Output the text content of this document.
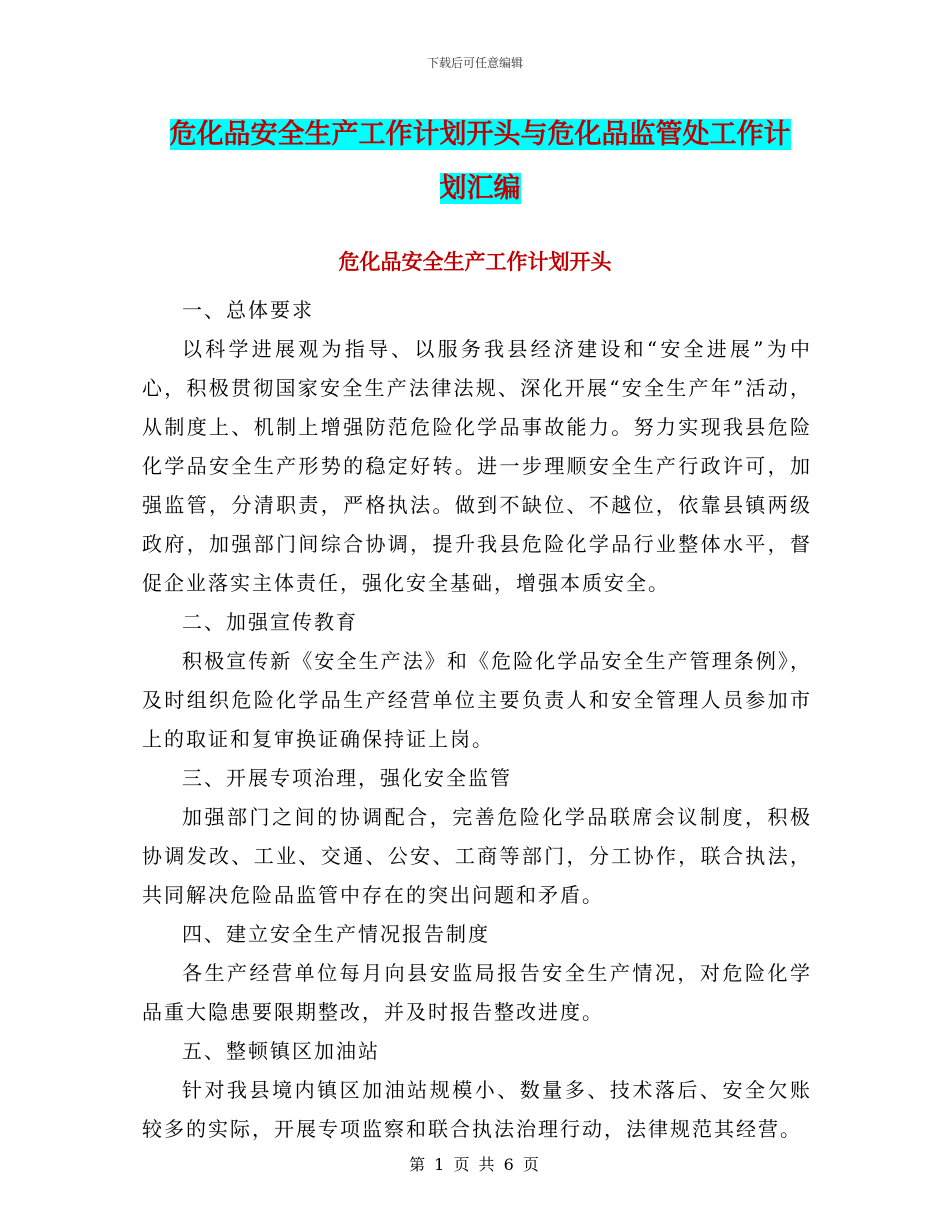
下载后可任意编辑
危化品安全生产工作计划开头与危化品监管处工作计
划汇编
危化品安全生产工作计划开头

一、总体要求

以科学进展观为指导、以服务我县经济建设和“安全进展”为中心，积极贯彻国家安全生产法律法规、深化开展“安全生产年”活动，从制度上、机制上增强防范危险化学品事故能力。努力实现我县危险化学品安全生产形势的稳定好转。进一步理顺安全生产行政许可，加强监管，分清职责，严格执法。做到不缺位、不越位，依靠县镇两级政府，加强部门间综合协调，提升我县危险化学品行业整体水平，督促企业落实主体责任，强化安全基础，增强本质安全。

二、加强宣传教育

积极宣传新《安全生产法》和《危险化学品安全生产管理条例》，及时组织危险化学品生产经营单位主要负责人和安全管理人员参加市上的取证和复审换证确保持证上岗。

三、开展专项治理，强化安全监管

加强部门之间的协调配合，完善危险化学品联席会议制度，积极协调发改、工业、交通、公安、工商等部门，分工协作，联合执法，共同解决危险品监管中存在的突出问题和矛盾。

四、建立安全生产情况报告制度

各生产经营单位每月向县安监局报告安全生产情况，对危险化学品重大隐患要限期整改，并及时报告整改进度。

五、整顿镇区加油站

针对我县境内镇区加油站规模小、数量多、技术落后、安全欠账较多的实际，开展专项监察和联合执法治理行动，法律规范其经营。

第 1 页 共 6 页
